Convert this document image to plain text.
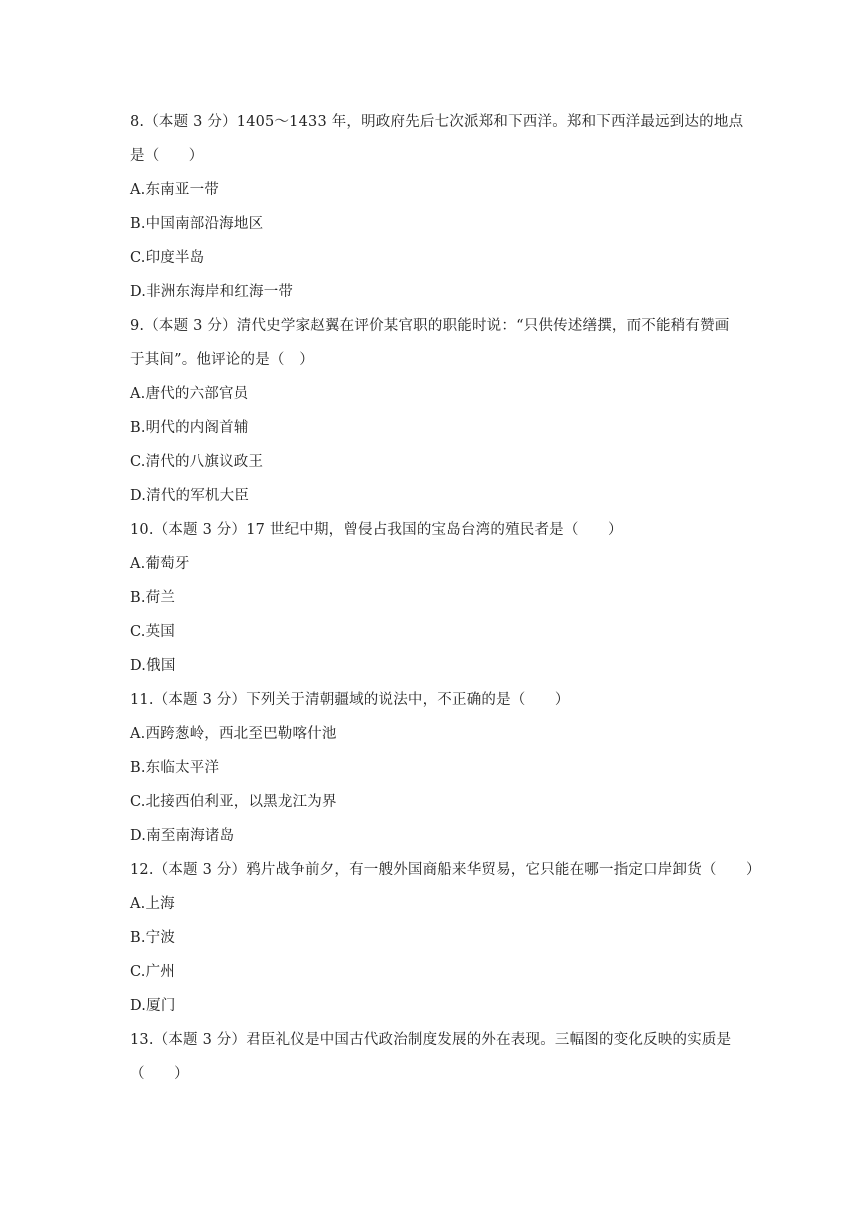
8.（本题 3 分）1405～1433 年，明政府先后七次派郑和下西洋。郑和下西洋最远到达的地点
是（　　）
A.东南亚一带
B.中国南部沿海地区
C.印度半岛
D.非洲东海岸和红海一带
9.（本题 3 分）清代史学家赵翼在评价某官职的职能时说：“只供传述缮撰，而不能稍有赞画
于其间”。他评论的是（　）
A.唐代的六部官员
B.明代的内阁首辅
C.清代的八旗议政王
D.清代的军机大臣
10.（本题 3 分）17 世纪中期，曾侵占我国的宝岛台湾的殖民者是（　　）
A.葡萄牙
B.荷兰
C.英国
D.俄国
11.（本题 3 分）下列关于清朝疆域的说法中，不正确的是（　　）
A.西跨葱岭，西北至巴勒喀什池
B.东临太平洋
C.北接西伯利亚，以黑龙江为界
D.南至南海诸岛
12.（本题 3 分）鸦片战争前夕，有一艘外国商船来华贸易，它只能在哪一指定口岸卸货（　　）
A.上海
B.宁波
C.广州
D.厦门
13.（本题 3 分）君臣礼仪是中国古代政治制度发展的外在表现。三幅图的变化反映的实质是
（　　）
